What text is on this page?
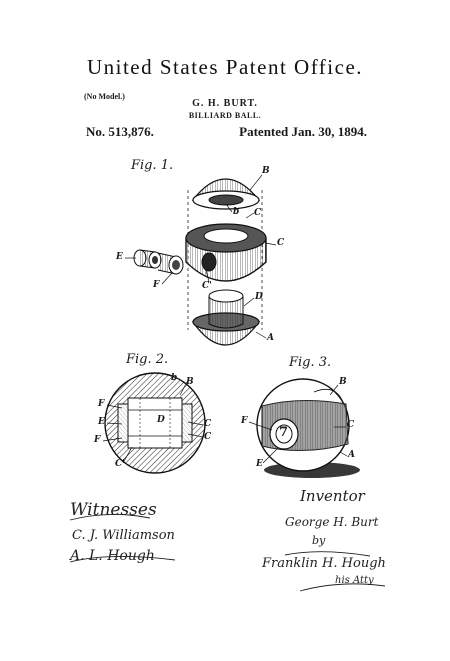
United States Patent Office.
(No Model.)
G. H. BURT.
BILLIARD BALL.
No. 513,876.	Patented Jan. 30, 1894.
Fig. 1.
Fig. 2.	Fig. 3.
B
b C
C
C'
E
F
D
A
b B
F
E
F
D	C
C
C'
B
F	C
E
A
7
Witnesses
C. J. Williamson
A. L. Hough
Inventor
George H. Burt
by
Franklin H. Hough
his Atty
